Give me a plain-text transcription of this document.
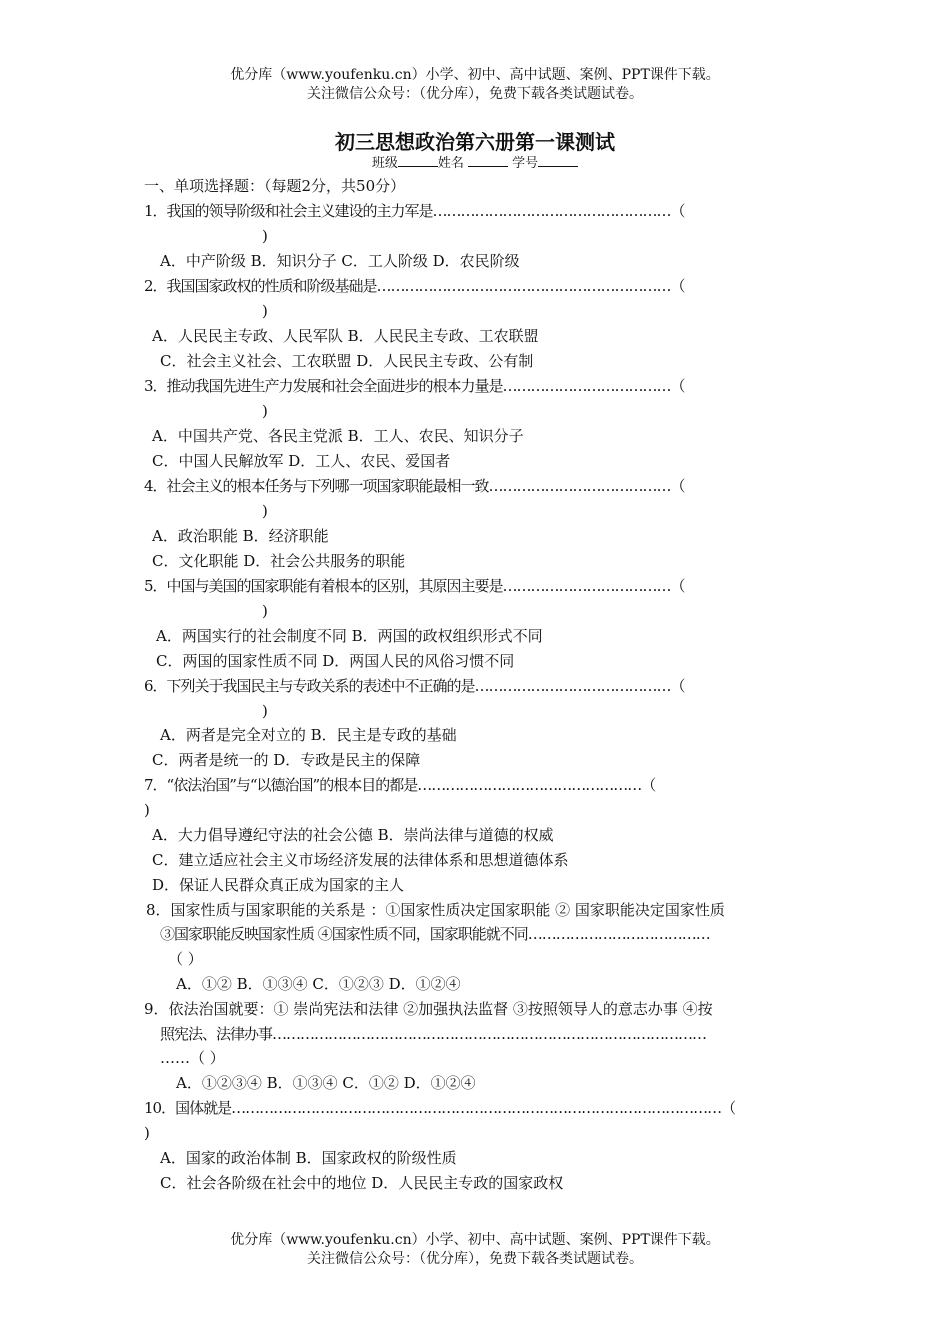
优分库（www.youfenku.cn）小学、初中、高中试题、案例、PPT课件下载。
关注微信公众号：（优分库），免费下载各类试题试卷。
初三思想政治第六册第一课测试
班级	姓名	学号
一、单项选择题：（每题2分，共50分）
1．我国的领导阶级和社会主义建设的主力军是……………………………………………（
)
A．中产阶级 B．知识分子 C．工人阶级 D．农民阶级
2．我国国家政权的性质和阶级基础是………………………………………………………（
)
A．人民民主专政、人民军队 B．人民民主专政、工农联盟
C．社会主义社会、工农联盟 D．人民民主专政、公有制
3．推动我国先进生产力发展和社会全面进步的根本力量是………………………………（
)
A．中国共产党、各民主党派 B．工人、农民、知识分子
C．中国人民解放军 D．工人、农民、爱国者
4．社会主义的根本任务与下列哪一项国家职能最相一致…………………………………（
)
A．政治职能 B．经济职能
C．文化职能 D．社会公共服务的职能
5．中国与美国的国家职能有着根本的区别，其原因主要是………………………………（
)
A．两国实行的社会制度不同 B．两国的政权组织形式不同
C．两国的国家性质不同 D．两国人民的风俗习惯不同
6．下列关于我国民主与专政关系的表述中不正确的是……………………………………（
)
A．两者是完全对立的 B．民主是专政的基础
C．两者是统一的 D．专政是民主的保障
7．“依法治国”与“以德治国”的根本目的都是…………………………………………（
)
A．大力倡导遵纪守法的社会公德 B．崇尚法律与道德的权威
C．建立适应社会主义市场经济发展的法律体系和思想道德体系
D．保证人民群众真正成为国家的主人
8．国家性质与国家职能的关系是 ：①国家性质决定国家职能 ② 国家职能决定国家性质
③国家职能反映国家性质 ④国家性质不同，国家职能就不同…………………………………
（ ）
A．①② B．①③④ C．①②③ D．①②④
9．依法治国就要：① 崇尚宪法和法律 ②加强执法监督 ③按照领导人的意志办事 ④按
照宪法、法律办事…………………………………………………………………………………
……（ ）
A．①②③④ B．①③④ C．①② D．①②④
10．国体就是……………………………………………………………………………………………（
)
A．国家的政治体制 B．国家政权的阶级性质
C．社会各阶级在社会中的地位 D．人民民主专政的国家政权
优分库（www.youfenku.cn）小学、初中、高中试题、案例、PPT课件下载。
关注微信公众号：（优分库），免费下载各类试题试卷。
